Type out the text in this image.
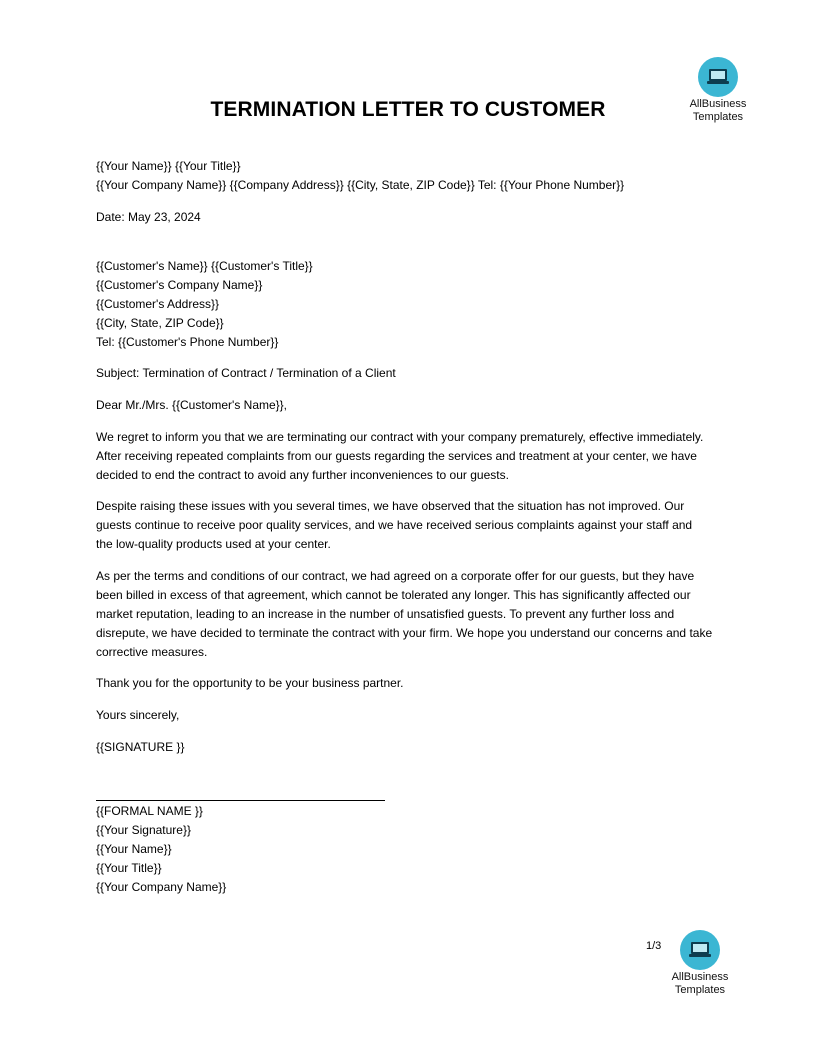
AllBusiness
Templates
TERMINATION LETTER TO CUSTOMER
{{Your Name}} {{Your Title}}
{{Your Company Name}} {{Company Address}} {{City, State, ZIP Code}} Tel: {{Your Phone Number}}
Date: May 23, 2024
{{Customer's Name}} {{Customer's Title}}
{{Customer's Company Name}}
{{Customer's Address}}
{{City, State, ZIP Code}}
Tel: {{Customer's Phone Number}}
Subject: Termination of Contract / Termination of a Client
Dear Mr./Mrs. {{Customer's Name}},
We regret to inform you that we are terminating our contract with your company prematurely, effective immediately. After receiving repeated complaints from our guests regarding the services and treatment at your center, we have decided to end the contract to avoid any further inconveniences to our guests.
Despite raising these issues with you several times, we have observed that the situation has not improved. Our guests continue to receive poor quality services, and we have received serious complaints against your staff and the low-quality products used at your center.
As per the terms and conditions of our contract, we had agreed on a corporate offer for our guests, but they have been billed in excess of that agreement, which cannot be tolerated any longer. This has significantly affected our market reputation, leading to an increase in the number of unsatisfied guests. To prevent any further loss and disrepute, we have decided to terminate the contract with your firm. We hope you understand our concerns and take corrective measures.
Thank you for the opportunity to be your business partner.
Yours sincerely,
{{SIGNATURE }}
{{FORMAL NAME }}
{{Your Signature}}
{{Your Name}}
{{Your Title}}
{{Your Company Name}}
1/3
AllBusiness
Templates
